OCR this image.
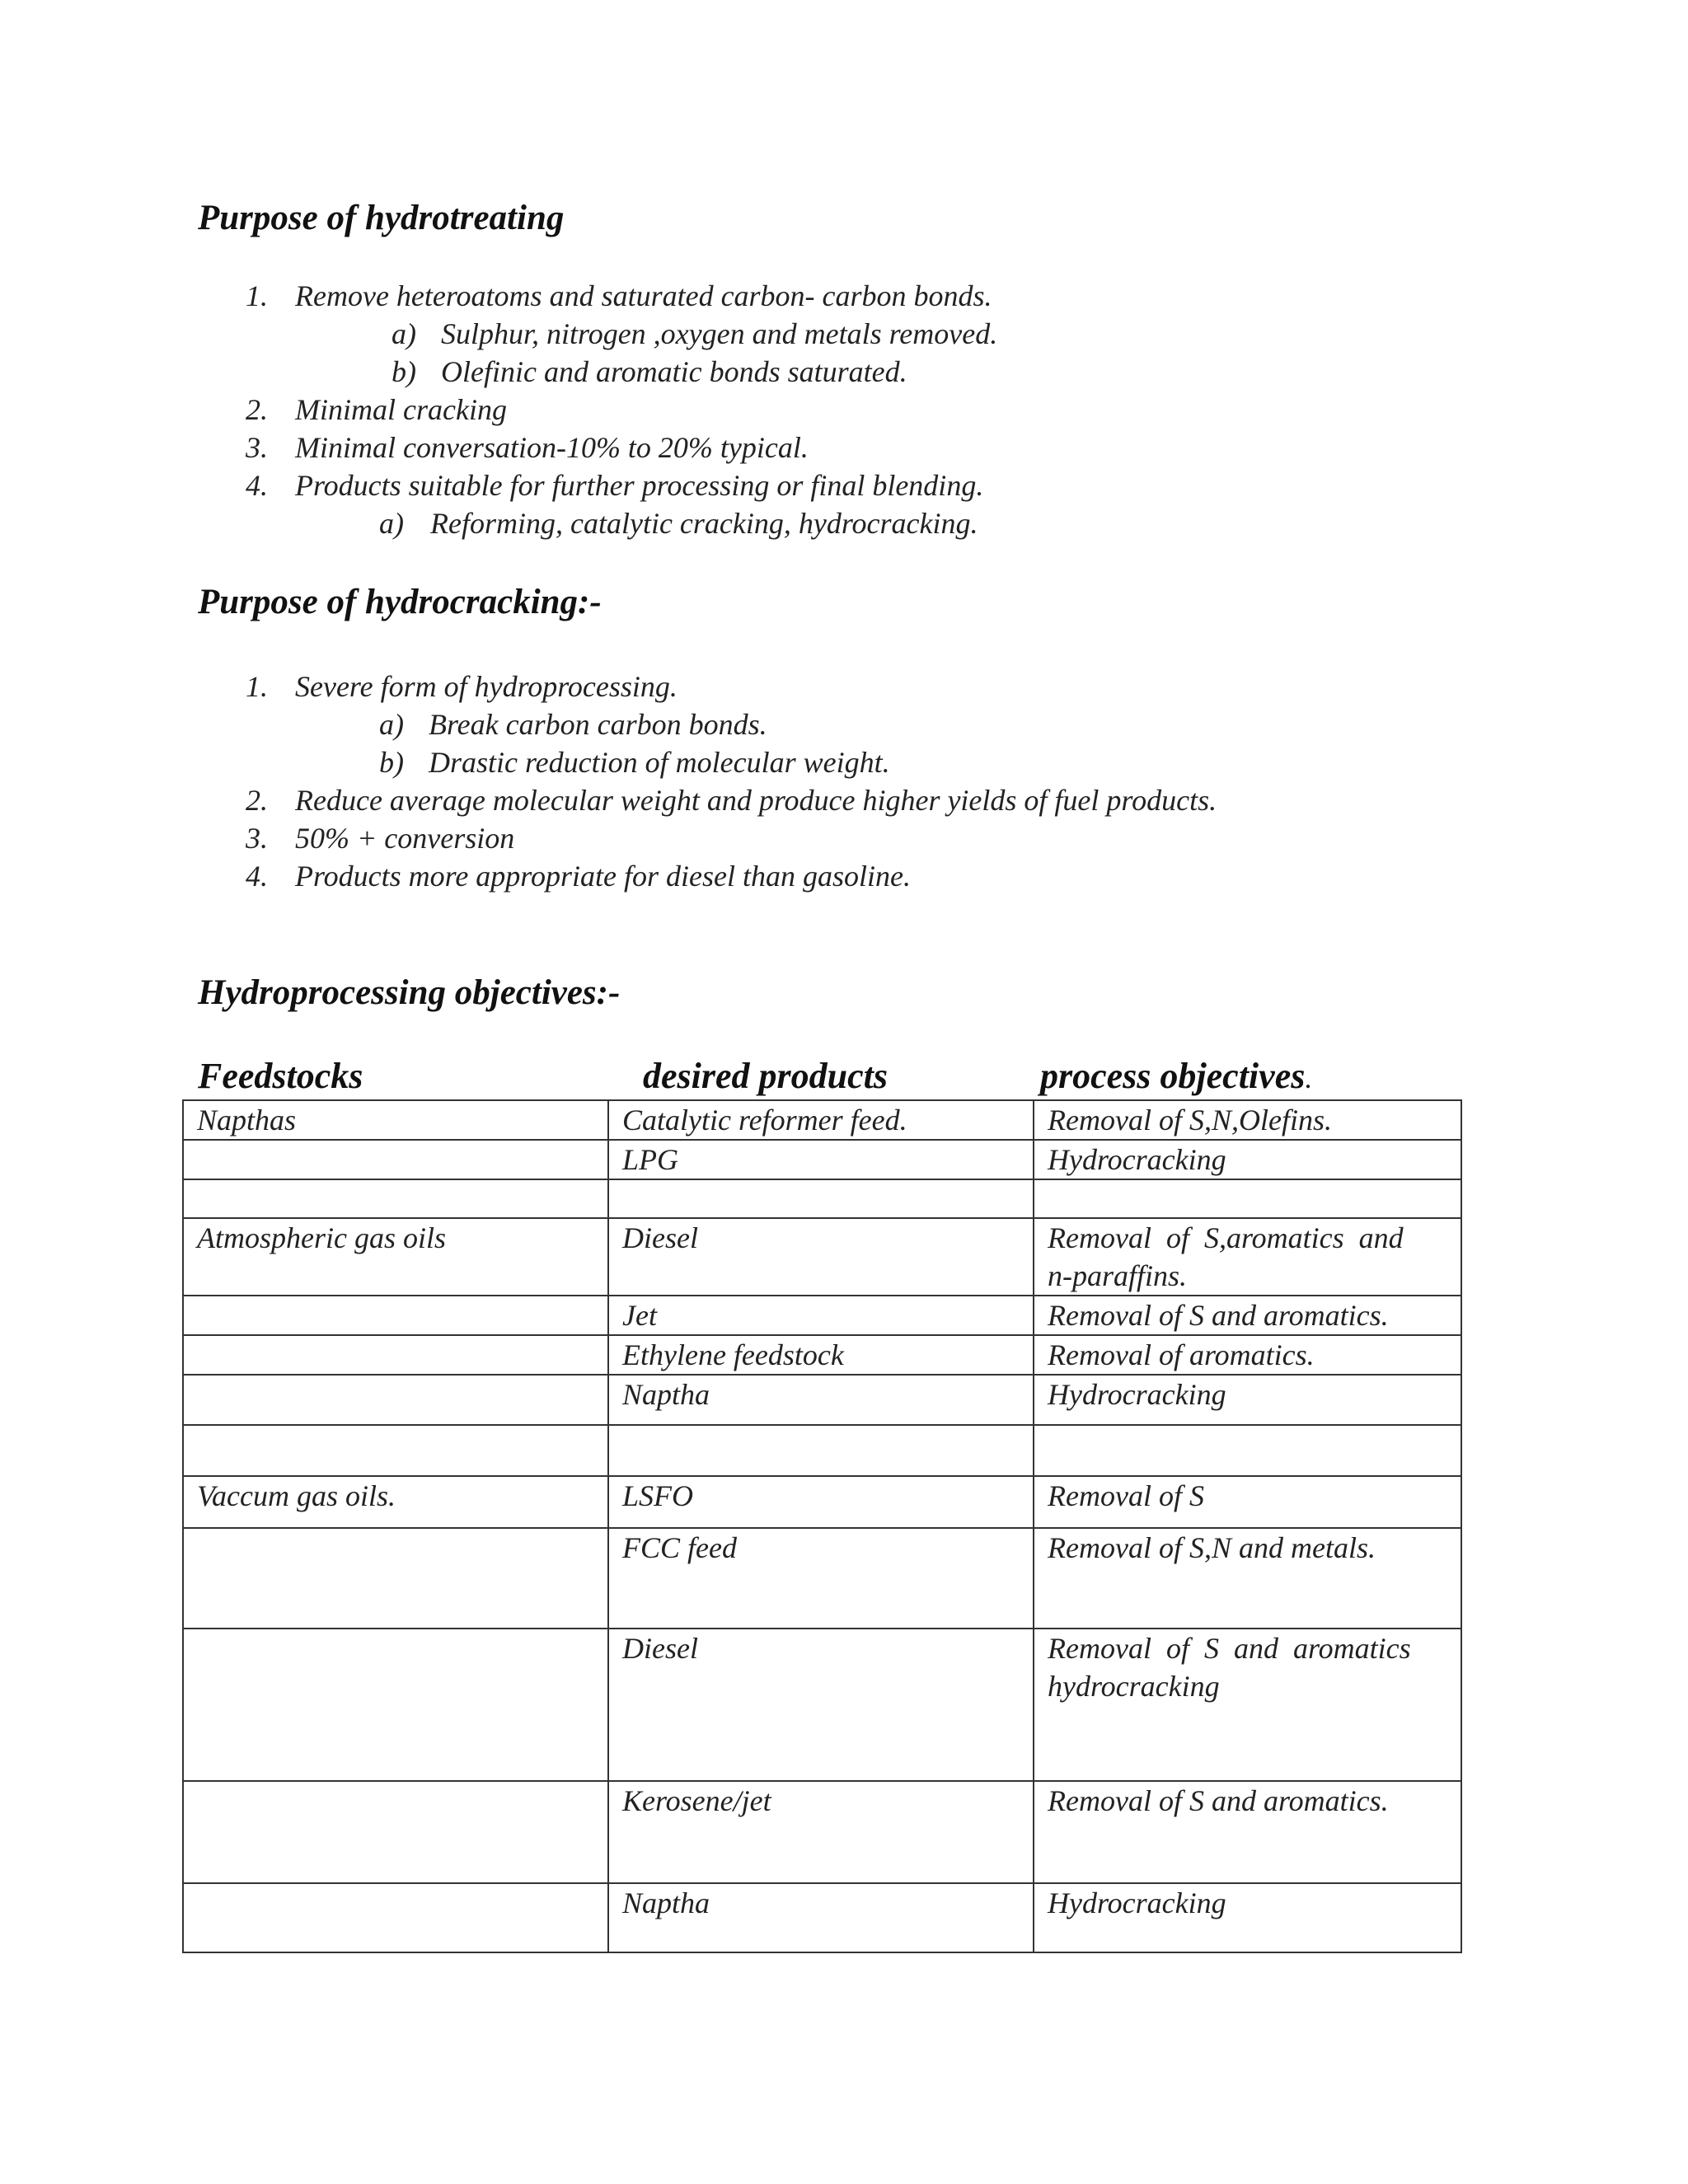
Purpose of hydrotreating
1. Remove heteroatoms and saturated carbon- carbon bonds.
a) Sulphur, nitrogen ,oxygen and metals removed.
b) Olefinic and aromatic bonds saturated.
2. Minimal cracking
3. Minimal conversation-10% to 20% typical.
4. Products suitable for further processing or final blending.
a) Reforming, catalytic cracking, hydrocracking.
Purpose of hydrocracking:-
1. Severe form of hydroprocessing.
a) Break carbon carbon bonds.
b) Drastic reduction of molecular weight.
2. Reduce average molecular weight and produce higher yields of fuel products.
3. 50% + conversion
4. Products more appropriate for diesel than gasoline.
Hydroprocessing objectives:-
Feedstocks	desired products	process objectives.
Napthas	Catalytic reformer feed.	Removal of S,N,Olefins.

	LPG	Hydrocracking

Atmospheric gas oils	Diesel	Removal  of  S,aromatics  and
n-paraffins.

	Jet	Removal of S and aromatics.

	Ethylene feedstock	Removal of aromatics.

	Naptha	Hydrocracking

Vaccum gas oils.	LSFO	Removal of S

	FCC feed	Removal of S,N and metals.

	Diesel	Removal  of  S  and  aromatics
hydrocracking

	Kerosene/jet	Removal of S and aromatics.

	Naptha	Hydrocracking
